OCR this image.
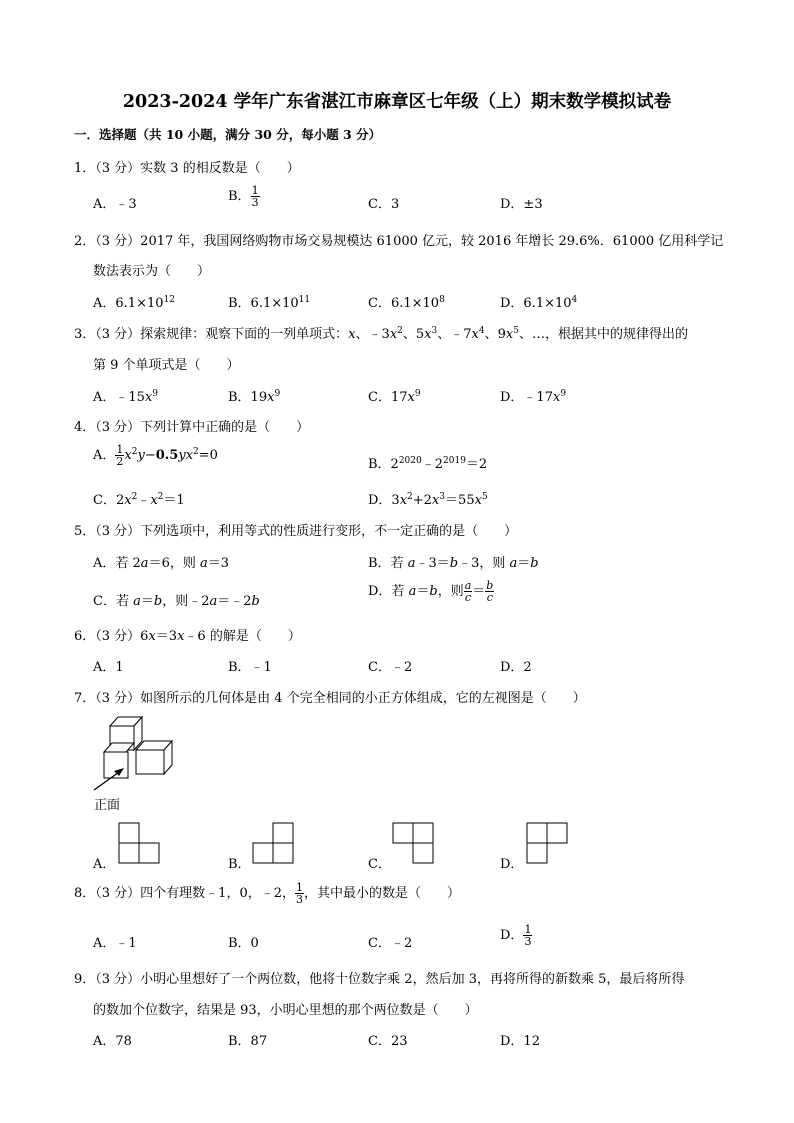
2023-2024 学年广东省湛江市麻章区七年级（上）期末数学模拟试卷
一．选择题（共 10 小题，满分 30 分，每小题 3 分）
1．（3 分）实数 3 的相反数是（　　）
A．﹣3
B． $\frac{1}{3}$	C．3	D．±3
2．（3 分）2017 年，我国网络购物市场交易规模达 61000 亿元，较 2016 年增长 29.6%．61000 亿用科学记
数法表示为（　　）
A．$6.1\times 10^{12}$	B．$6.1\times 10^{11}$	C．$6.1\times 10^8$	D．$6.1\times 10^4$
3．（3 分）探索规律：观察下面的一列单项式：x、$﹣3x^2$、$5x^3$、$﹣7x^4$、$9x^5$、…，根据其中的规律得出的
第 9 个单项式是（　　）
A．$﹣15x^9$	B．$19x^9$	C．$17x^9$	D．$﹣17x^9$
4．（3 分）下列计算中正确的是（　　）
A． $\frac{1}{2} x^2y-0.5yx^2=0$
B．$2^{2020}﹣2^{2019}=2$
C．$2x^2﹣x^2=1$	D．$3x^2+2x^3=55x^5$
5．（3 分）下列选项中，利用等式的性质进行变形，不一定正确的是（　　）
A．若 2a＝6，则 a＝3	B．若 a﹣3＝b﹣3，则 a＝b
C．若 a＝b，则﹣2a＝﹣2b
D．若 a＝b，则 $\frac{a}{c} = \frac{b}{c}$
6．（3 分）6x＝3x﹣6 的解是（　　）
A．1	B．﹣1	C．﹣2	D．2
7．（3 分）如图所示的几何体是由 4 个完全相同的小正方体组成，它的左视图是（　　）
正面
A．	B．	C．	D．
8．（3 分）四个有理数﹣1，0，﹣2， $\frac{1}{3}$ ，其中最小的数是（　　）
A．﹣1	B．0	C．﹣2
D． $\frac{1}{3}$
9．（3 分）小明心里想好了一个两位数，他将十位数字乘 2，然后加 3，再将所得的新数乘 5，最后将所得
的数加个位数字，结果是 93，小明心里想的那个两位数是（　　）
A．78	B．87	C．23	D．12
